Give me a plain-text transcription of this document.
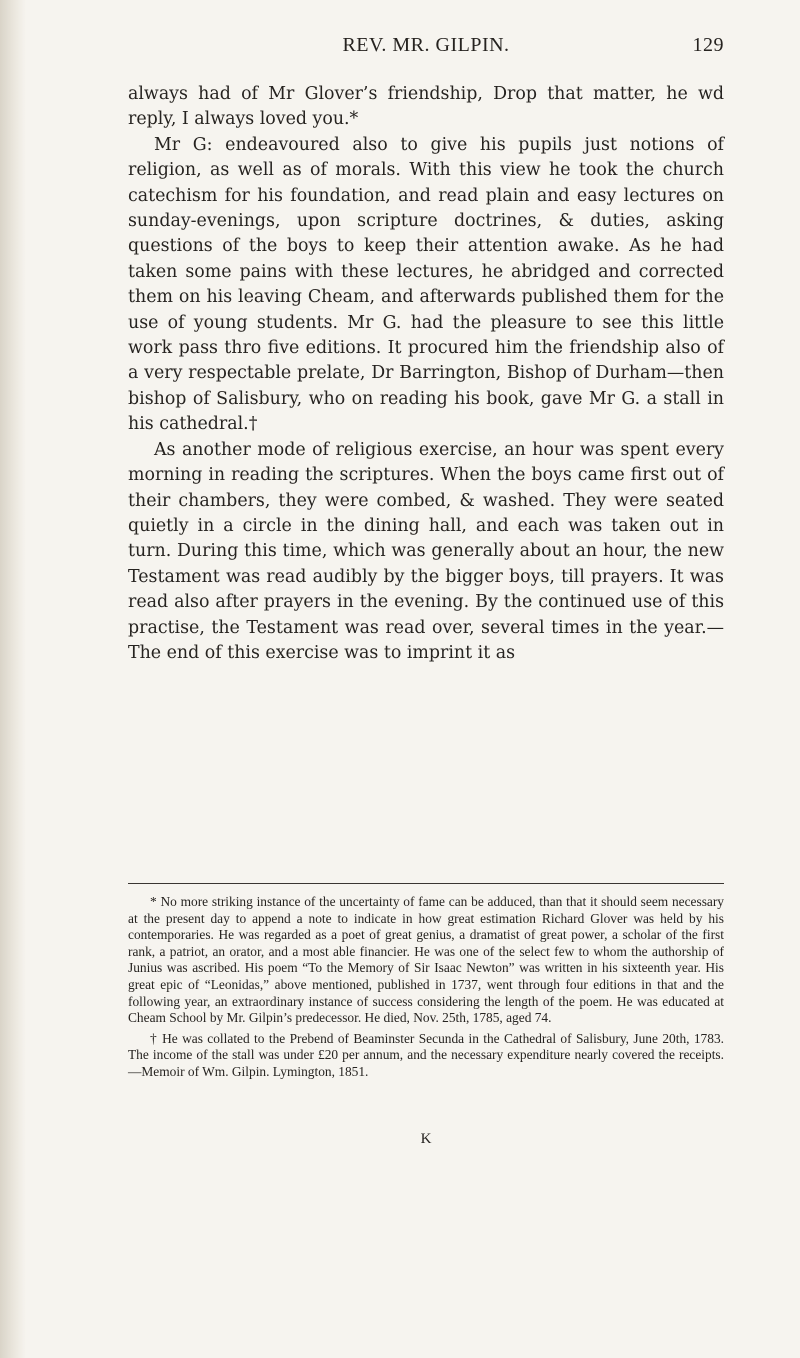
REV. MR. GILPIN.	129

always had of Mr Glover’s friendship, Drop that matter, he wd reply, I always loved you.*

Mr G: endeavoured also to give his pupils just notions of religion, as well as of morals. With this view he took the church catechism for his foundation, and read plain and easy lectures on sunday-evenings, upon scripture doctrines, & duties, asking questions of the boys to keep their attention awake. As he had taken some pains with these lectures, he abridged and corrected them on his leaving Cheam, and afterwards published them for the use of young students. Mr G. had the pleasure to see this little work pass thro five editions. It procured him the friendship also of a very respectable prelate, Dr Barrington, Bishop of Durham—then bishop of Salisbury, who on reading his book, gave Mr G. a stall in his cathedral.†

As another mode of religious exercise, an hour was spent every morning in reading the scriptures. When the boys came first out of their chambers, they were combed, & washed. They were seated quietly in a circle in the dining hall, and each was taken out in turn. During this time, which was generally about an hour, the new Testament was read audibly by the bigger boys, till prayers. It was read also after prayers in the evening. By the continued use of this practise, the Testament was read over, several times in the year.—The end of this exercise was to imprint it as

* No more striking instance of the uncertainty of fame can be adduced, than that it should seem necessary at the present day to append a note to indicate in how great estimation Richard Glover was held by his contemporaries. He was regarded as a poet of great genius, a dramatist of great power, a scholar of the first rank, a patriot, an orator, and a most able financier. He was one of the select few to whom the authorship of Junius was ascribed. His poem “To the Memory of Sir Isaac Newton” was written in his sixteenth year. His great epic of “Leonidas,” above mentioned, published in 1737, went through four editions in that and the following year, an extraordinary instance of success considering the length of the poem. He was educated at Cheam School by Mr. Gilpin’s predecessor. He died, Nov. 25th, 1785, aged 74.

† He was collated to the Prebend of Beaminster Secunda in the Cathedral of Salisbury, June 20th, 1783. The income of the stall was under £20 per annum, and the necessary expenditure nearly covered the receipts.—Memoir of Wm. Gilpin. Lymington, 1851.

K
